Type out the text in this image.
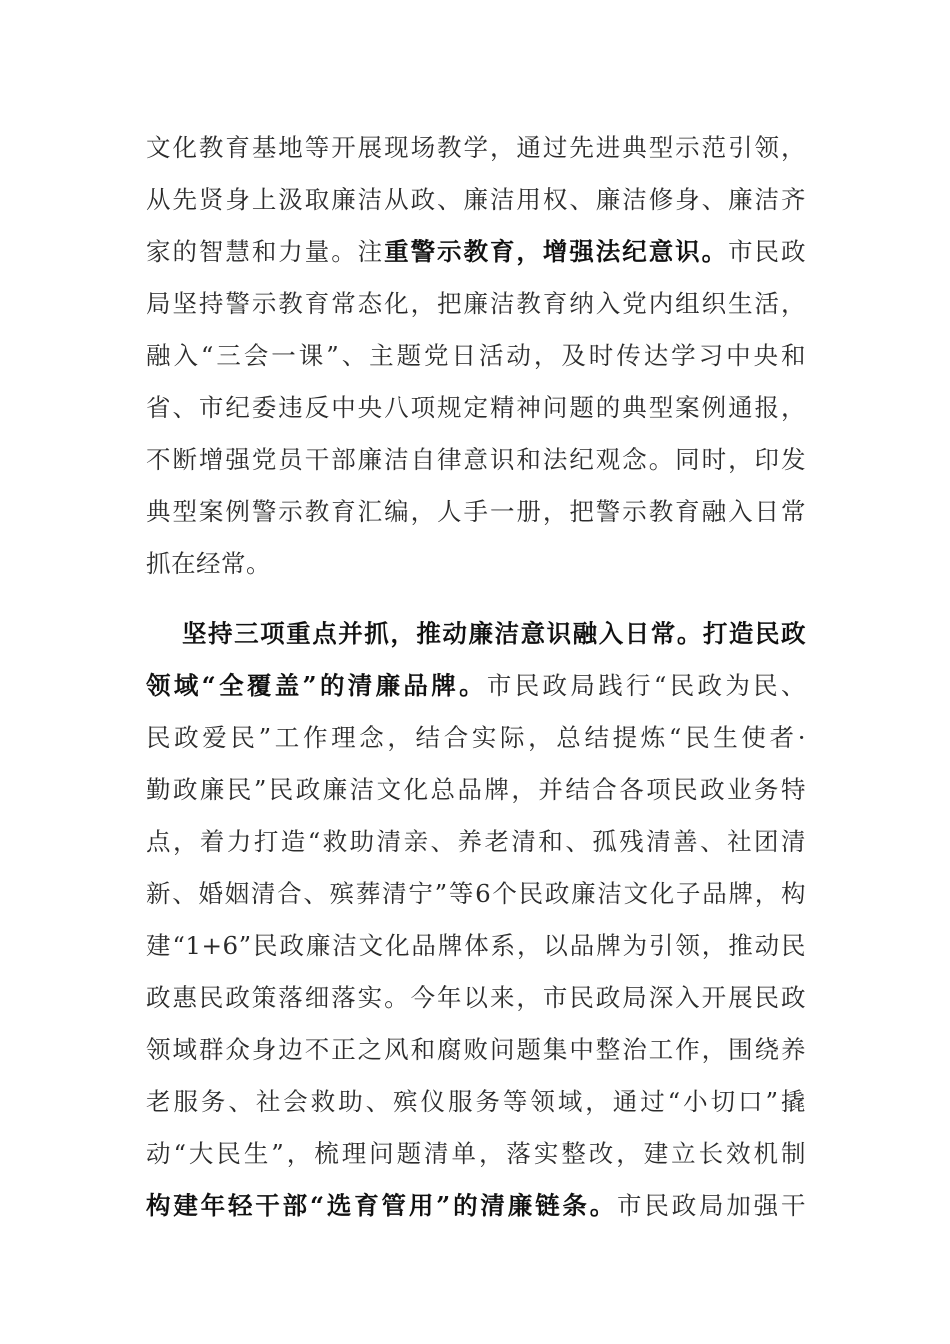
文化教育基地等开展现场教学，通过先进典型示范引领，
从先贤身上汲取廉洁从政、廉洁用权、廉洁修身、廉洁齐
家的智慧和力量。注重警示教育，增强法纪意识。市民政
局坚持警示教育常态化，把廉洁教育纳入党内组织生活，
融入“三会一课”、主题党日活动，及时传达学习中央和
省、市纪委违反中央八项规定精神问题的典型案例通报，
不断增强党员干部廉洁自律意识和法纪观念。同时，印发
典型案例警示教育汇编，人手一册，把警示教育融入日常
抓在经常。
坚持三项重点并抓，推动廉洁意识融入日常。打造民政
领域“全覆盖”的清廉品牌。市民政局践行“民政为民、
民政爱民”工作理念，结合实际，总结提炼“民生使者·
勤政廉民”民政廉洁文化总品牌，并结合各项民政业务特
点，着力打造“救助清亲、养老清和、孤残清善、社团清
新、婚姻清合、殡葬清宁”等6个民政廉洁文化子品牌，构
建“1+6”民政廉洁文化品牌体系，以品牌为引领，推动民
政惠民政策落细落实。今年以来，市民政局深入开展民政
领域群众身边不正之风和腐败问题集中整治工作，围绕养
老服务、社会救助、殡仪服务等领域，通过“小切口”撬
动“大民生”，梳理问题清单，落实整改，建立长效机制
构建年轻干部“选育管用”的清廉链条。市民政局加强干
